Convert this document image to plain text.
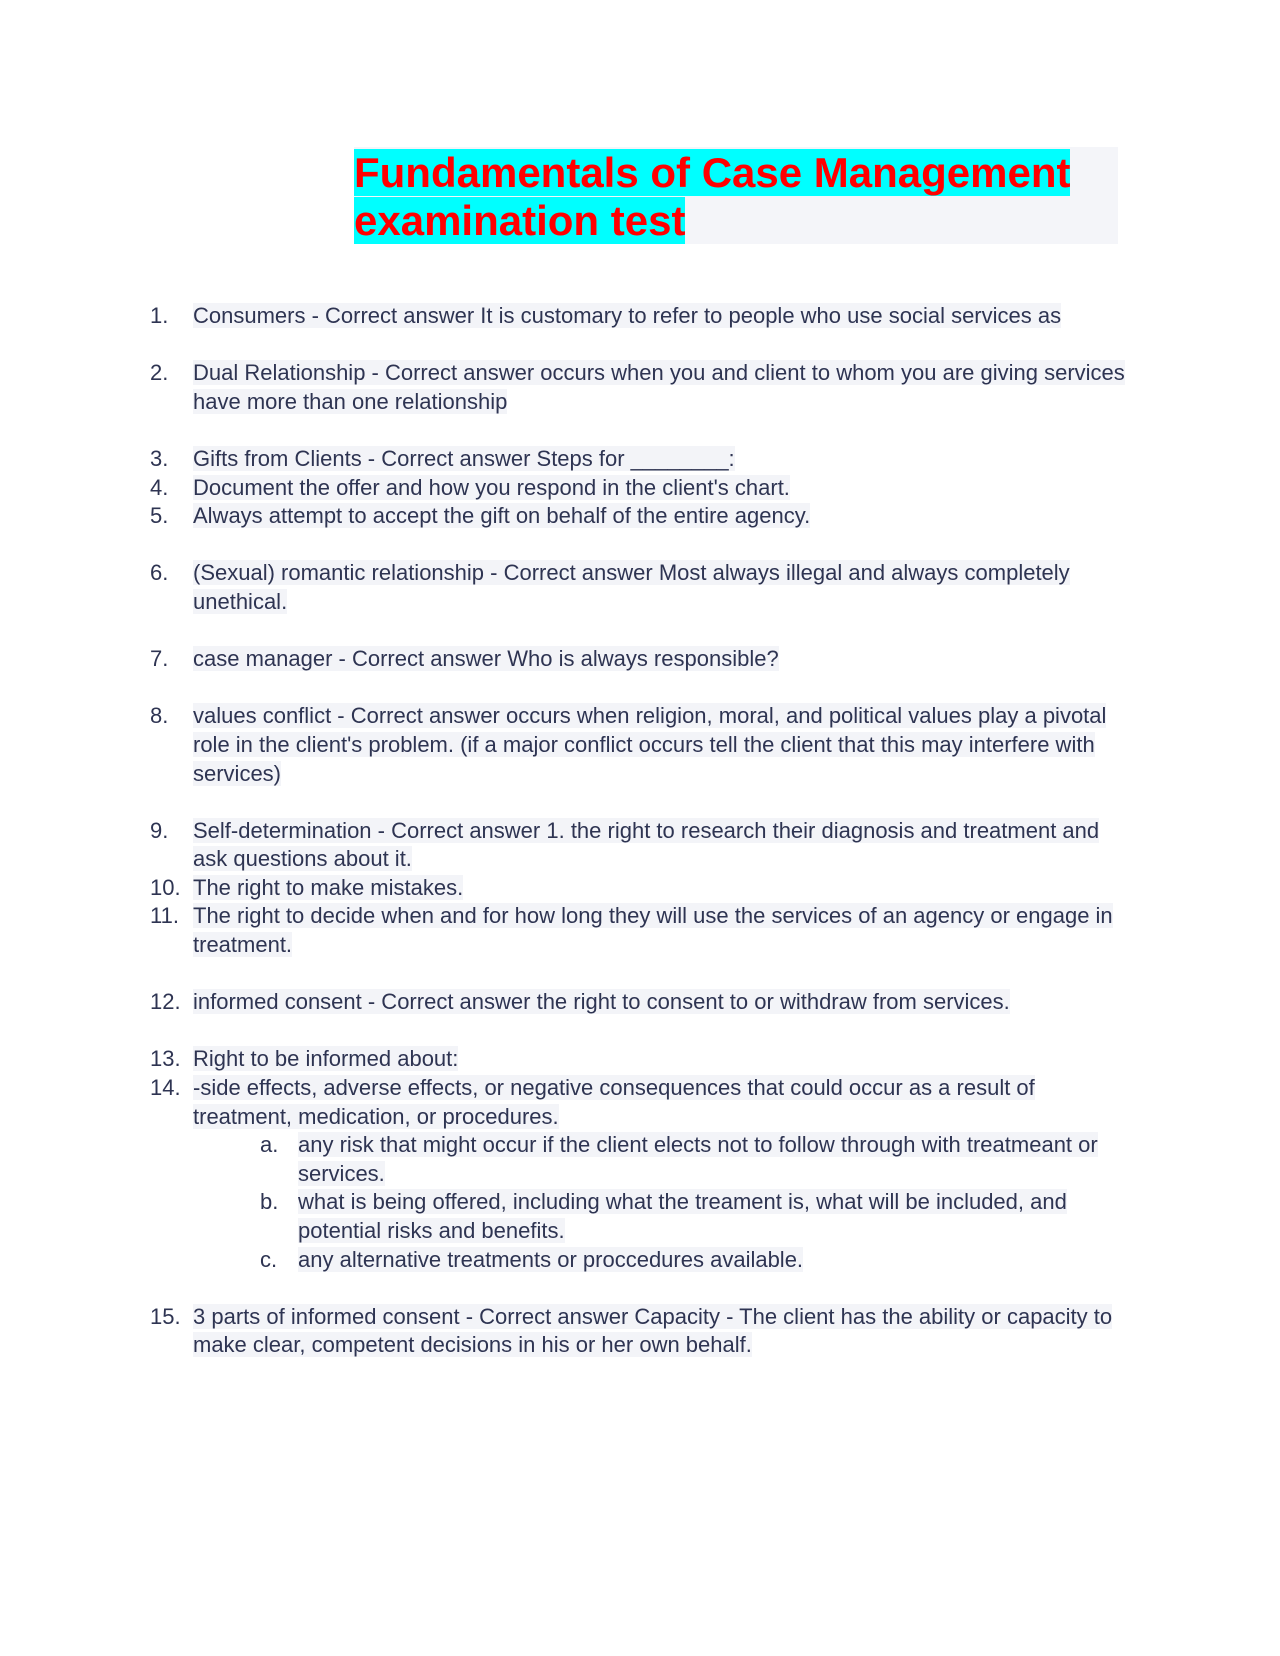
Fundamentals of Case Management
examination test
1. Consumers - Correct answer It is customary to refer to people who use social services as
2. Dual Relationship - Correct answer occurs when you and client to whom you are giving services have more than one relationship
3. Gifts from Clients - Correct answer Steps for ________:
4. Document the offer and how you respond in the client's chart.
5. Always attempt to accept the gift on behalf of the entire agency.
6. (Sexual) romantic relationship - Correct answer Most always illegal and always completely unethical.
7. case manager - Correct answer Who is always responsible?
8. values conflict - Correct answer occurs when religion, moral, and political values play a pivotal role in the client's problem. (if a major conflict occurs tell the client that this may interfere with services)
9. Self-determination - Correct answer 1. the right to research their diagnosis and treatment and ask questions about it.
10. The right to make mistakes.
11. The right to decide when and for how long they will use the services of an agency or engage in treatment.
12. informed consent - Correct answer the right to consent to or withdraw from services.
13. Right to be informed about:
14. -side effects, adverse effects, or negative consequences that could occur as a result of treatment, medication, or procedures.
a. any risk that might occur if the client elects not to follow through with treatmeant or services.
b. what is being offered, including what the treament is, what will be included, and potential risks and benefits.
c. any alternative treatments or proccedures available.
15. 3 parts of informed consent - Correct answer Capacity - The client has the ability or capacity to make clear, competent decisions in his or her own behalf.
